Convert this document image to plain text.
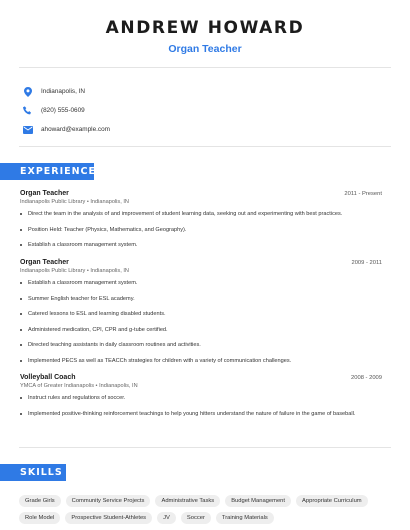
ANDREW HOWARD
Organ Teacher
Indianapolis, IN
(820) 555-0609
ahoward@example.com
EXPERIENCE
Organ Teacher	2011 - Present
Indianapolis Public Library • Indianapolis, IN
Direct the team in the analysis of and improvement of student learning data, seeking out and experimenting with best practices.
Position Held: Teacher (Physics, Mathematics, and Geography).
Establish a classroom management system.
Organ Teacher	2009 - 2011
Indianapolis Public Library • Indianapolis, IN
Establish a classroom management system.
Summer English teacher for ESL academy.
Catered lessons to ESL and learning disabled students.
Administered medication, CPI, CPR and g-tube certified.
Directed teaching assistants in daily classroom routines and activities.
Implemented PECS as well as TEACCh strategies for children with a variety of communication challenges.
Volleyball Coach	2008 - 2009
YMCA of Greater Indianapolis • Indianapolis, IN
Instruct rules and regulations of soccer.
Implemented positive-thinking reinforcement teachings to help young hitters understand the nature of failure in the game of baseball.
SKILLS
Grade Girls	Community Service Projects	Administrative Tasks	Budget Management	Appropriate Curriculum
Role Model	Prospective Student-Athletes	JV	Soccer	Training Materials
